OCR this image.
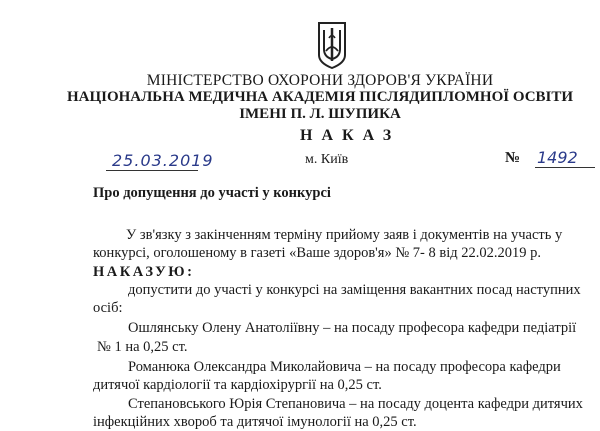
МІНІСТЕРСТВО ОХОРОНИ ЗДОРОВ'Я УКРАЇНИ
НАЦІОНАЛЬНА МЕДИЧНА АКАДЕМІЯ ПІСЛЯДИПЛОМНОЇ ОСВІТИ
ІМЕНІ П. Л. ШУПИКА
НАКАЗ
25.03.2019	м. Київ	№ 1492
Про допущення до участі у конкурсі
У зв'язку з закінченням терміну прийому заяв і документів на участь у
конкурсі, оголошеному в газеті «Ваше здоров'я» № 7- 8 від 22.02.2019 р.
НАКАЗУЮ:
допустити до участі у конкурсі на заміщення вакантних посад наступних
осіб:
Ошлянську Олену Анатоліївну – на посаду професора кафедри педіатрії
№ 1 на 0,25 ст.
Романюка Олександра Миколайовича – на посаду професора кафедри
дитячої кардіології та кардіохірургії на 0,25 ст.
Степановського Юрія Степановича – на посаду доцента кафедри дитячих
інфекційних хвороб та дитячої імунології на 0,25 ст.
